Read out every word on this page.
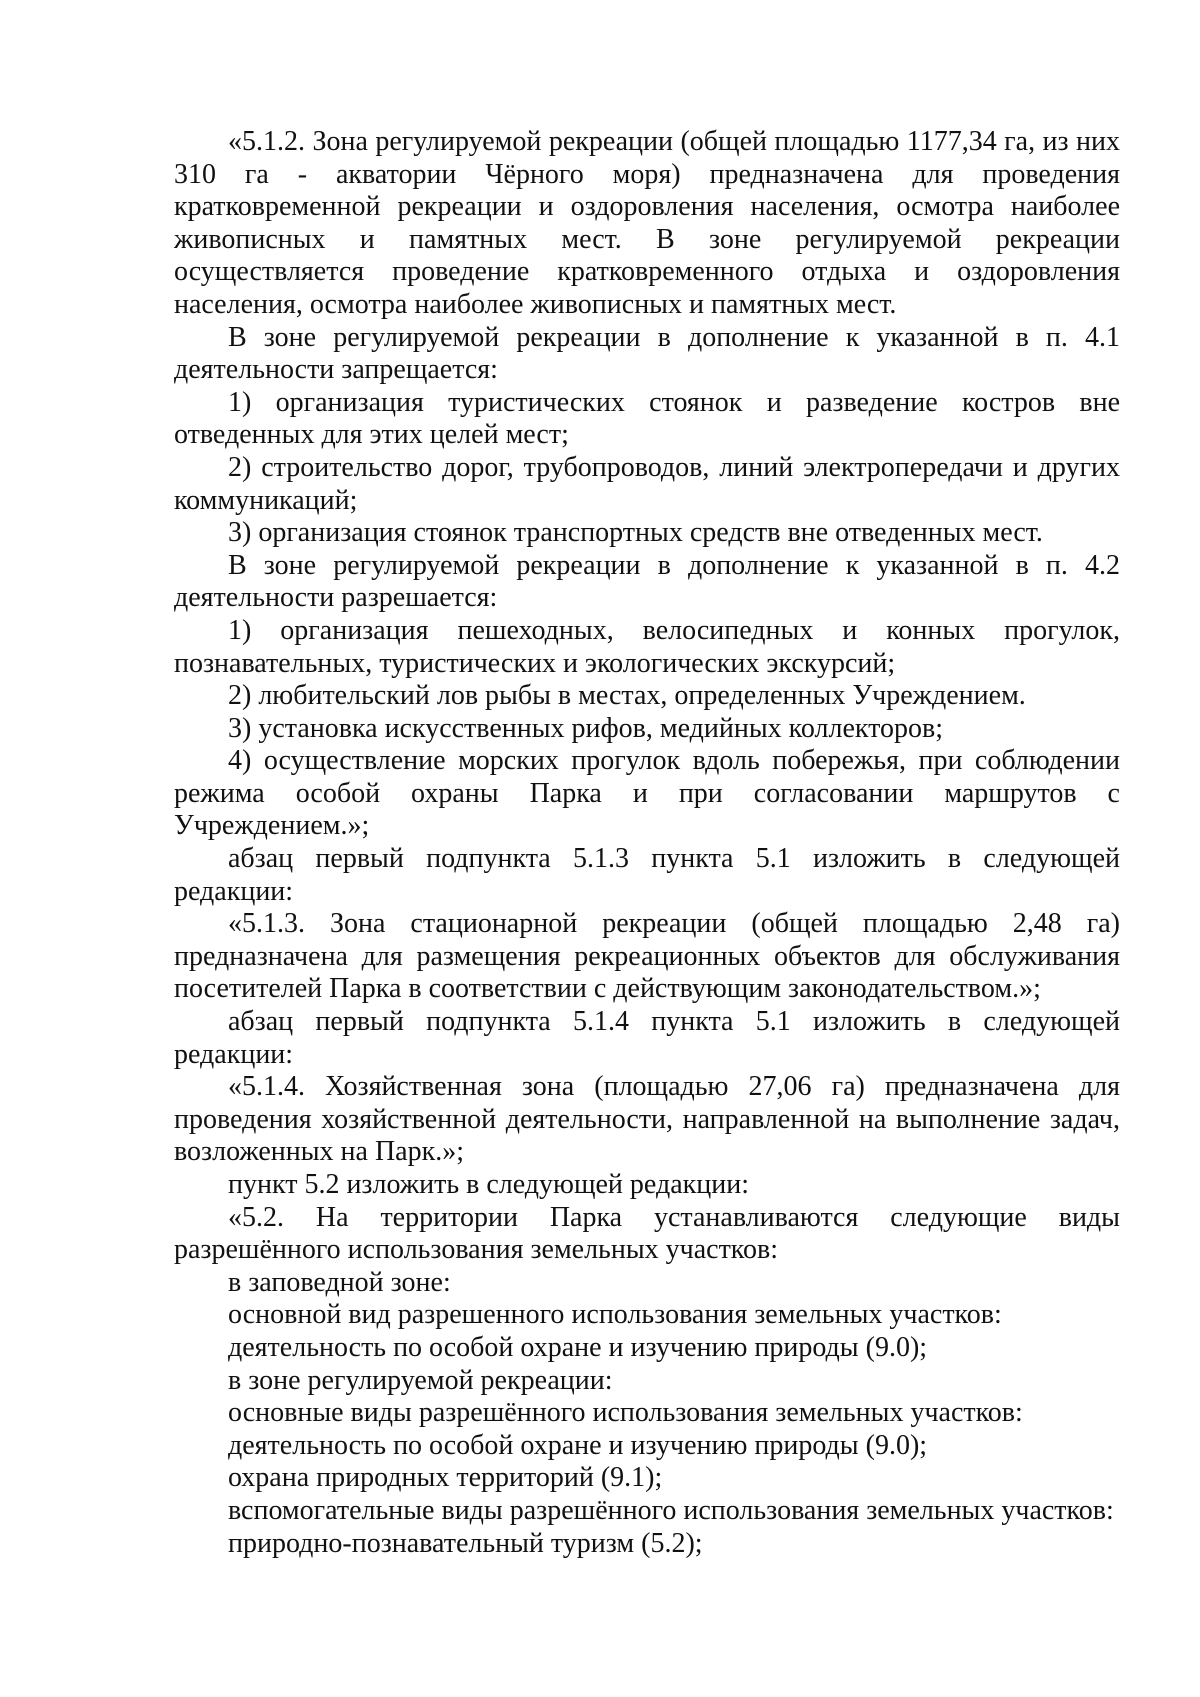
«5.1.2. Зона регулируемой рекреации (общей площадью 1177,34 га, из них 310 га - акватории Чёрного моря) предназначена для проведения кратковременной рекреации и оздоровления населения, осмотра наиболее живописных и памятных мест. В зоне регулируемой рекреации осуществляется проведение кратковременного отдыха и оздоровления населения, осмотра наиболее живописных и памятных мест.

В зоне регулируемой рекреации в дополнение к указанной в п. 4.1 деятельности запрещается:

1) организация туристических стоянок и разведение костров вне отведенных для этих целей мест;

2) строительство дорог, трубопроводов, линий электропередачи и других коммуникаций;

3) организация стоянок транспортных средств вне отведенных мест.

В зоне регулируемой рекреации в дополнение к указанной в п. 4.2 деятельности разрешается:

1) организация пешеходных, велосипедных и конных прогулок, познавательных, туристических и экологических экскурсий;

2) любительский лов рыбы в местах, определенных Учреждением.

3) установка искусственных рифов, медийных коллекторов;

4) осуществление морских прогулок вдоль побережья, при соблюдении режима особой охраны Парка и при согласовании маршрутов с Учреждением.»;

абзац первый подпункта 5.1.3 пункта 5.1 изложить в следующей редакции:

«5.1.3. Зона стационарной рекреации (общей площадью 2,48 га) предназначена для размещения рекреационных объектов для обслуживания посетителей Парка в соответствии с действующим законодательством.»;

абзац первый подпункта 5.1.4 пункта 5.1 изложить в следующей редакции:

«5.1.4. Хозяйственная зона (площадью 27,06 га) предназначена для проведения хозяйственной деятельности, направленной на выполнение задач, возложенных на Парк.»;

пункт 5.2 изложить в следующей редакции:

«5.2. На территории Парка устанавливаются следующие виды разрешённого использования земельных участков:

в заповедной зоне:

основной вид разрешенного использования земельных участков:

деятельность по особой охране и изучению природы (9.0);

в зоне регулируемой рекреации:

основные виды разрешённого использования земельных участков:

деятельность по особой охране и изучению природы (9.0);

охрана природных территорий (9.1);

вспомогательные виды разрешённого использования земельных участков:

природно-познавательный туризм (5.2);
